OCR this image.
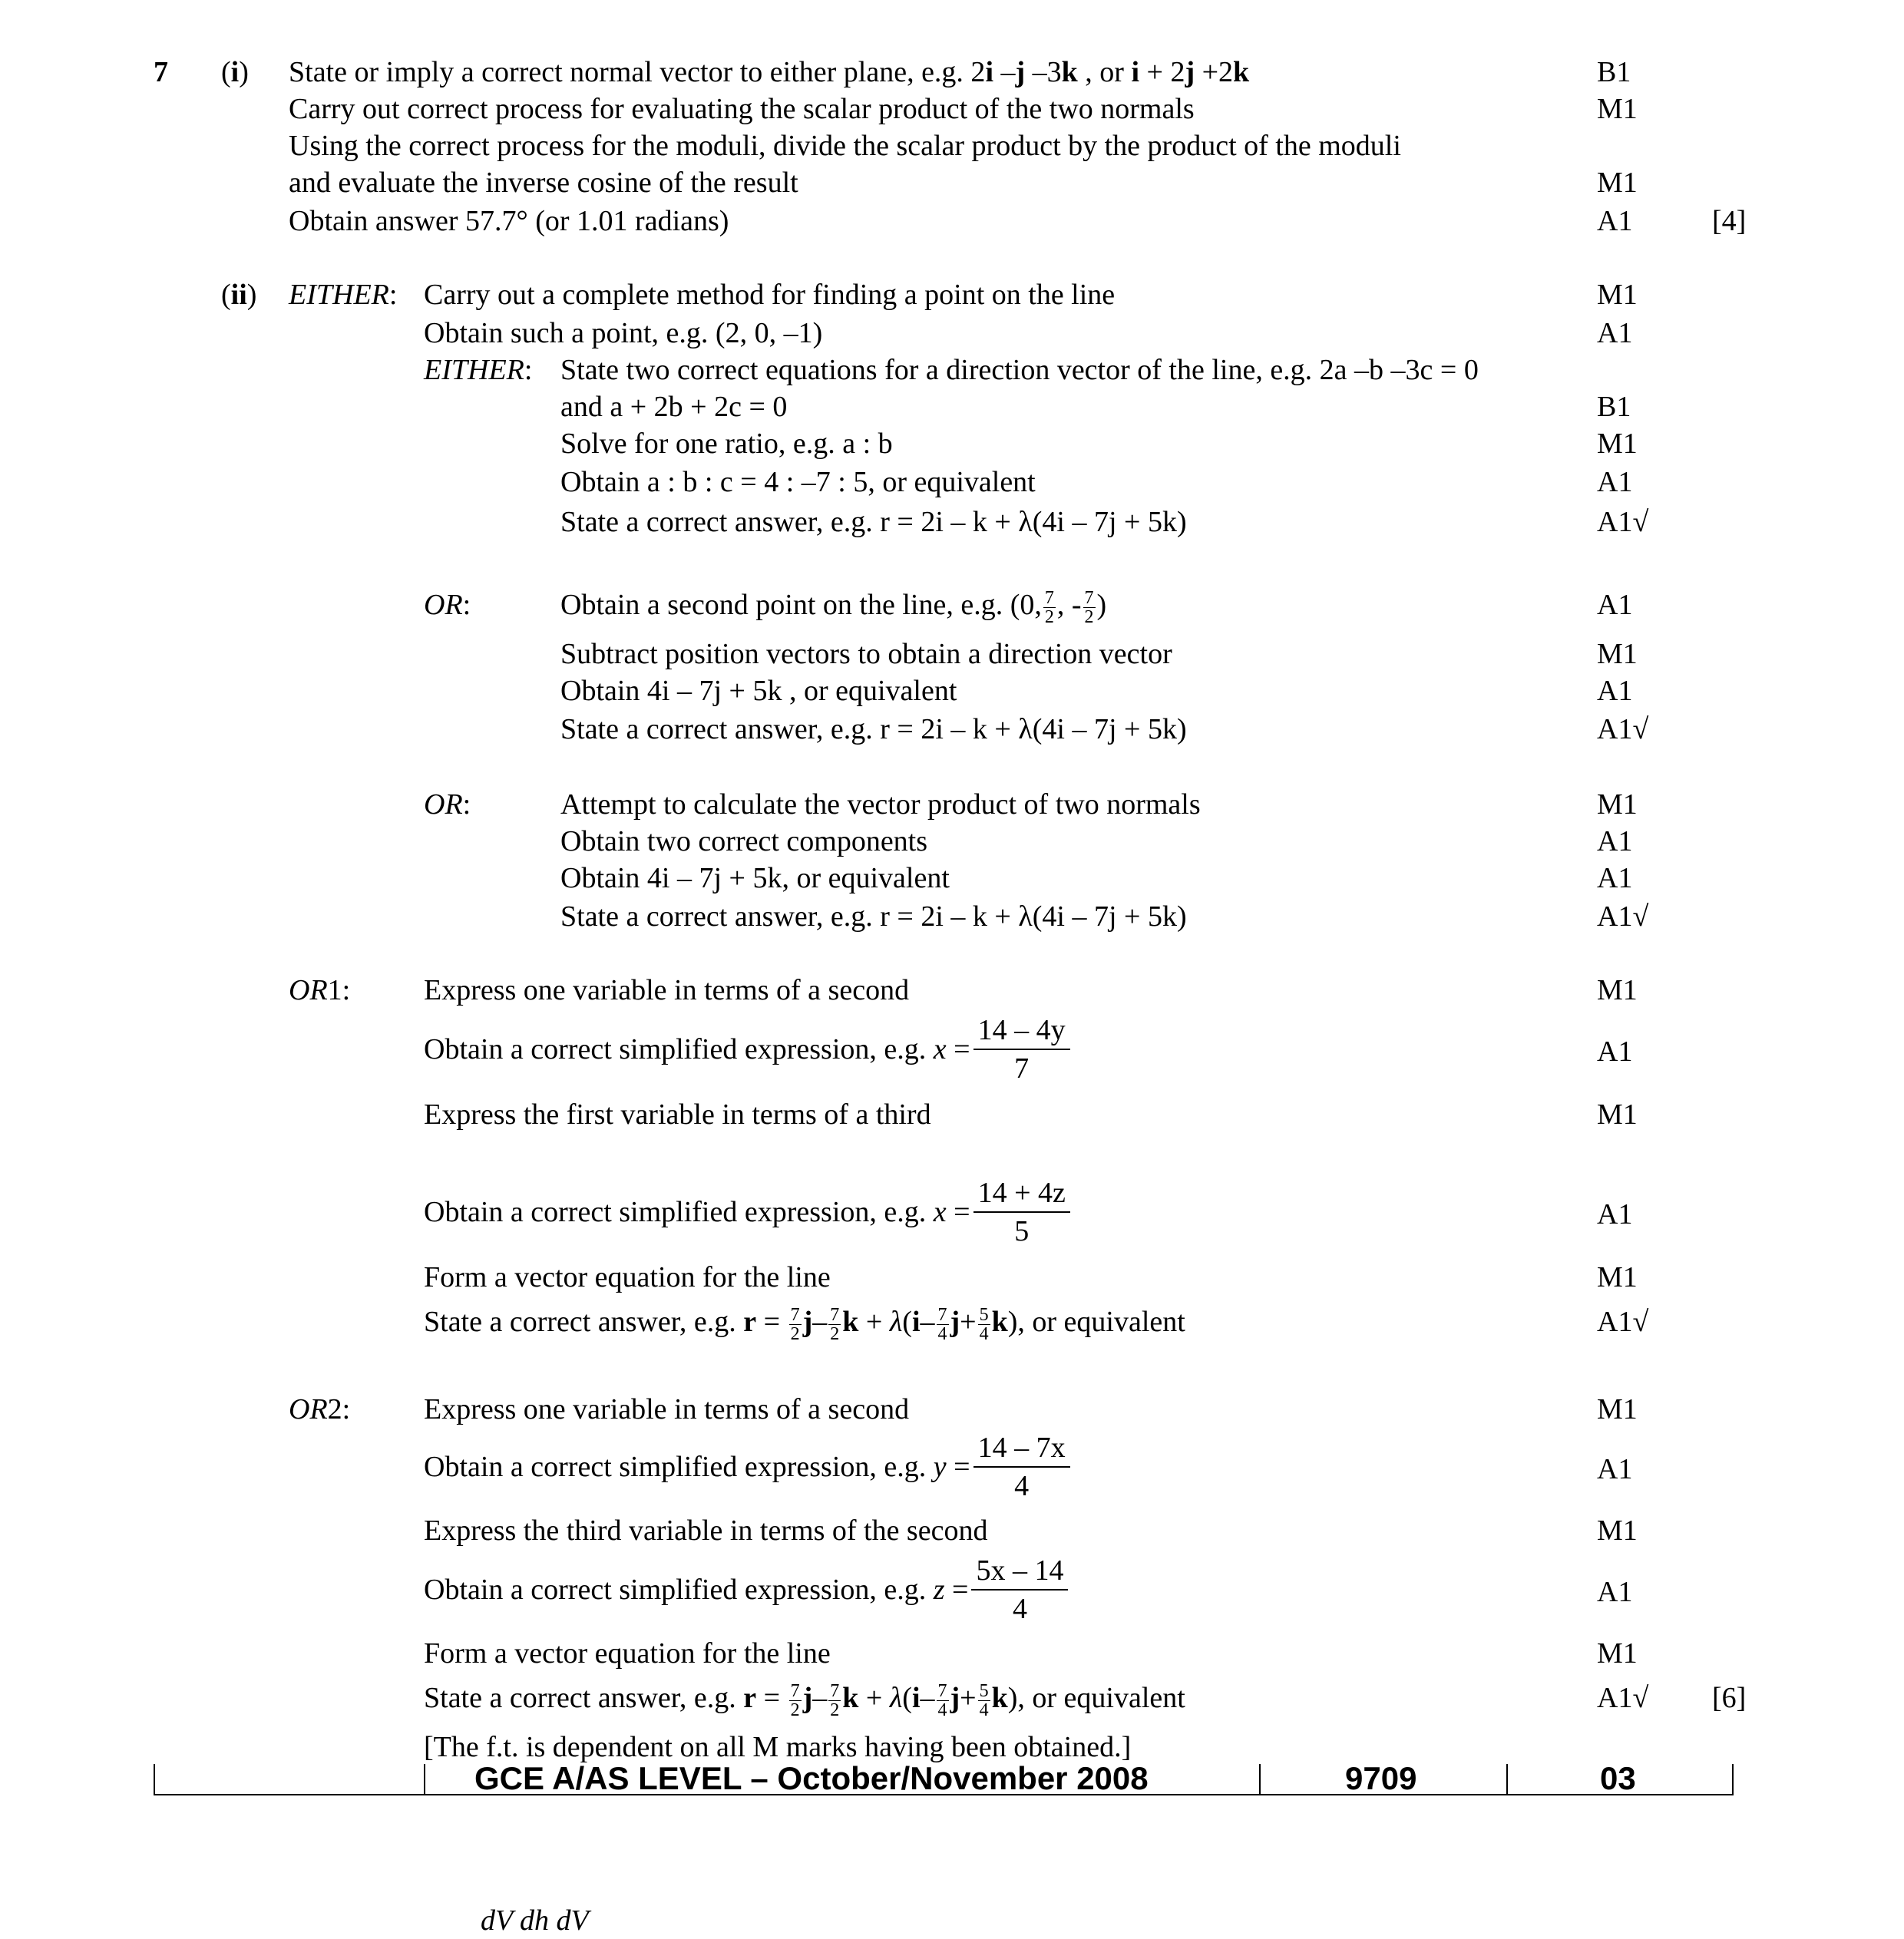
7 (i) State or imply a correct normal vector to either plane, e.g. 2i –j –3k , or i + 2j +2k	B1
Carry out correct process for evaluating the scalar product of the two normals	M1
Using the correct process for the moduli, divide the scalar product by the product of the moduli
and evaluate the inverse cosine of the result	M1
Obtain answer 57.7° (or 1.01 radians)	A1	[4]
(ii) EITHER: Carry out a complete method for finding a point on the line	M1
Obtain such a point, e.g. (2, 0, –1)	A1
EITHER: State two correct equations for a direction vector of the line, e.g. 2a –b –3c = 0
and a + 2b + 2c = 0	B1
Solve for one ratio, e.g. a : b	M1
Obtain a : b : c = 4 : –7 : 5, or equivalent	A1
State a correct answer, e.g. r = 2i – k + λ(4i – 7j + 5k)	A1√
OR:	Obtain a second point on the line, e.g. (0, $\frac{7}{2}$ , - $\frac{7}{2}$ )	A1
Subtract position vectors to obtain a direction vector	M1
Obtain 4i – 7j + 5k , or equivalent	A1
State a correct answer, e.g. r = 2i – k + λ(4i – 7j + 5k)	A1√
OR:	Attempt to calculate the vector product of two normals	M1
Obtain two correct components	A1
Obtain 4i – 7j + 5k, or equivalent	A1
State a correct answer, e.g. r = 2i – k + λ(4i – 7j + 5k)	A1√
OR1:	Express one variable in terms of a second	M1
Obtain a correct simplified expression, e.g. $x = \frac{14 - 4y}{7}$	A1
Express the first variable in terms of a third	M1
Obtain a correct simplified expression, e.g. $x = \frac{14 + 4z}{5}$	A1
Form a vector equation for the line	M1
State a correct answer, e.g. $r = \frac{7}{2} j- \frac{7}{2}$ $k + \lambda(i- \frac{7}{4} j+ \frac{5}{4} k)$, or equivalent	A1√
OR2:	Express one variable in terms of a second	M1
Obtain a correct simplified expression, e.g. $y = \frac{14 - 7x}{4}$	A1
Express the third variable in terms of the second	M1
Obtain a correct simplified expression, e.g. $z = \frac{5x - 14}{4}$	A1
Form a vector equation for the line	M1
State a correct answer, e.g. $r = \frac{7}{2} j- \frac{7}{2}$ $k + \lambda(i- \frac{7}{4} j+ \frac{5}{4} k)$, or equivalent	A1√ [6]
[The f.t. is dependent on all M marks having been obtained.]
GCE A/AS LEVEL – October/November 2008	9709	03
dV dh dV
